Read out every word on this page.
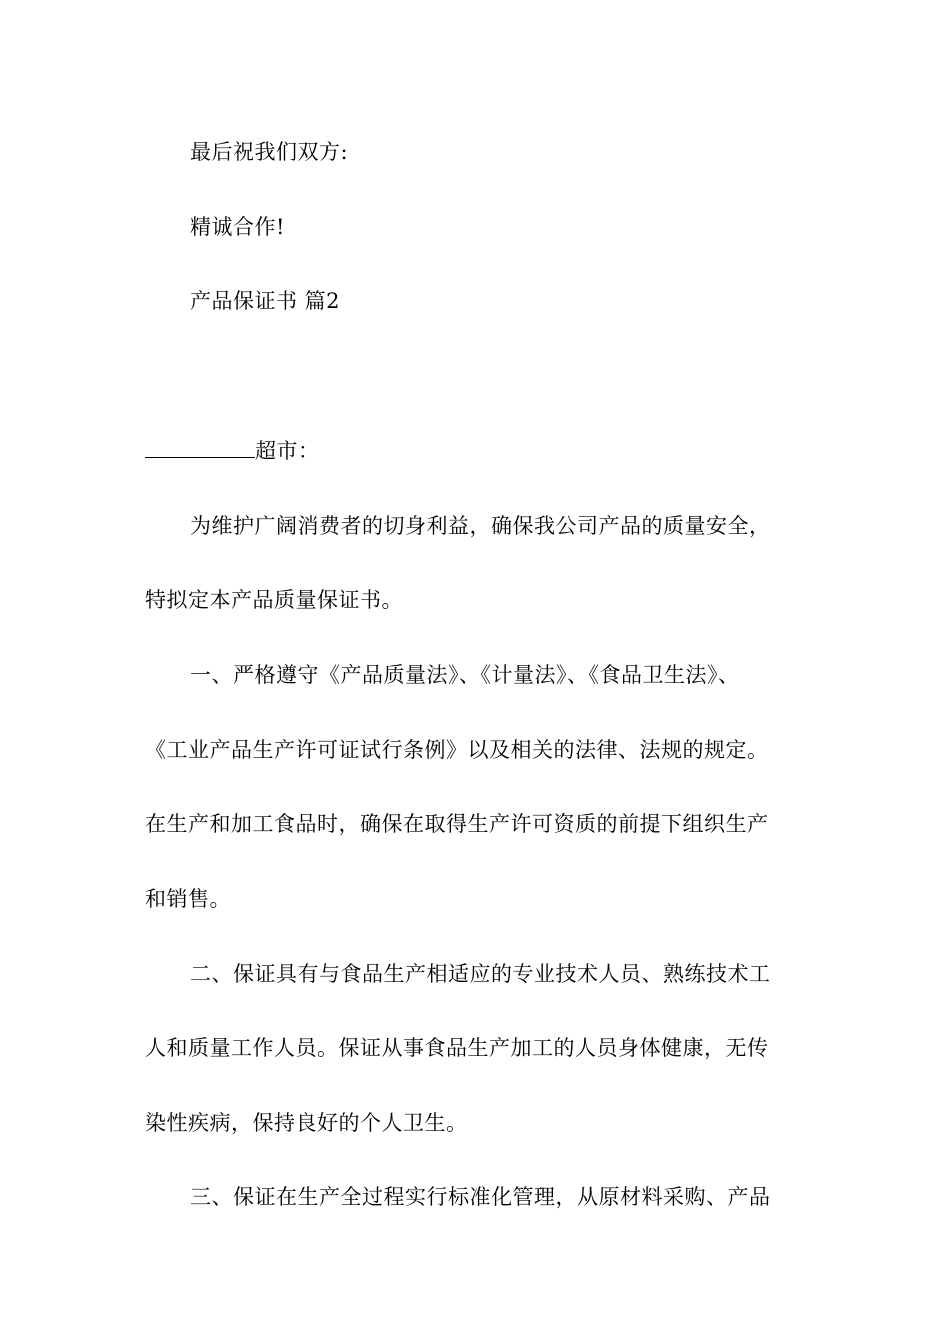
最后祝我们双方:
精诚合作!
产品保证书 篇2
超市：
为维护广阔消费者的切身利益，确保我公司产品的质量安全，
特拟定本产品质量保证书。
一、严格遵守《产品质量法》、《计量法》、《食品卫生法》、
《工业产品生产许可证试行条例》以及相关的法律、法规的规定。
在生产和加工食品时，确保在取得生产许可资质的前提下组织生产
和销售。
二、保证具有与食品生产相适应的专业技术人员、熟练技术工
人和质量工作人员。保证从事食品生产加工的人员身体健康，无传
染性疾病，保持良好的个人卫生。
三、保证在生产全过程实行标准化管理，从原材料采购、产品
